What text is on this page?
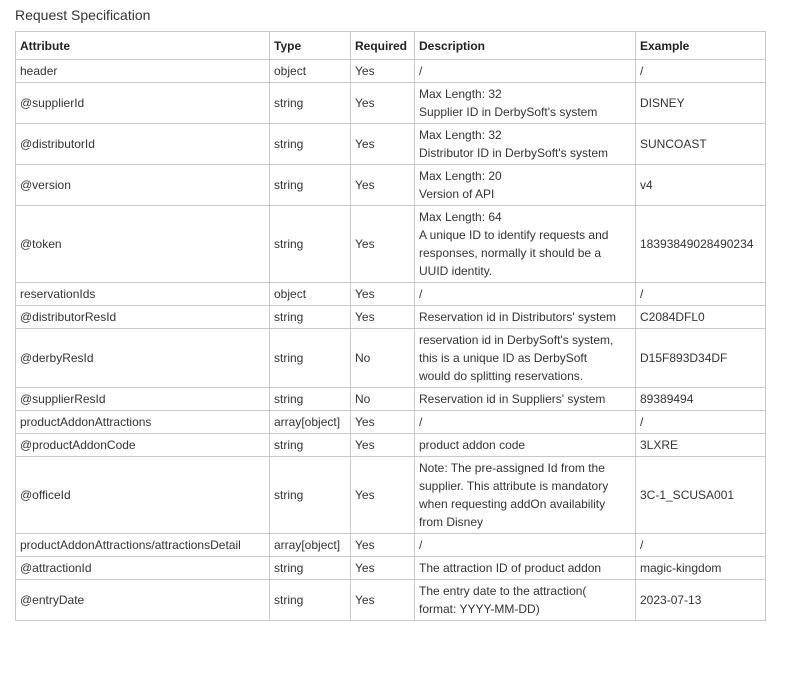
Request Specification
Attribute	Type	Required	Description	Example
header	object	Yes	/	/
@supplierId	string	Yes	Max Length: 32
Supplier ID in DerbySoft's system	DISNEY
@distributorId	string	Yes	Max Length: 32
Distributor ID in DerbySoft's system	SUNCOAST
@version	string	Yes	Max Length: 20
Version of API	v4
@token	string	Yes	Max Length: 64
A unique ID to identify requests and
responses, normally it should be a
UUID identity.	18393849028490234
reservationIds	object	Yes	/	/
@distributorResId	string	Yes	Reservation id in Distributors' system	C2084DFL0
@derbyResId	string	No	reservation id in DerbySoft's system,
this is a unique ID as DerbySoft
would do splitting reservations.	D15F893D34DF
@supplierResId	string	No	Reservation id in Suppliers' system	89389494
productAddonAttractions	array[object]	Yes	/	/
@productAddonCode	string	Yes	product addon code	3LXRE
@officeId	string	Yes	Note: The pre-assigned Id from the
supplier. This attribute is mandatory
when requesting addOn availability
from Disney	3C-1_SCUSA001
productAddonAttractions/attractionsDetail	array[object]	Yes	/	/
@attractionId	string	Yes	The attraction ID of product addon	magic-kingdom
@entryDate	string	Yes	The entry date to the attraction(
format: YYYY-MM-DD)	2023-07-13
